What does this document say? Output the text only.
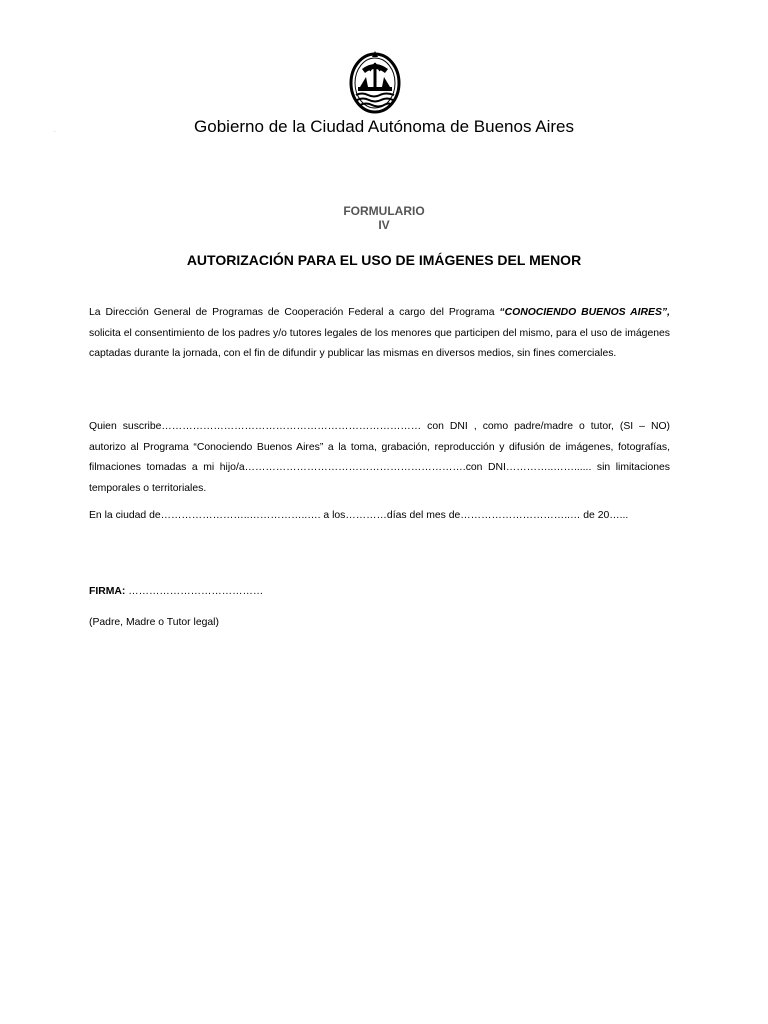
.	Gobierno de la Ciudad Autónoma de Buenos Aires
FORMULARIO
IV
AUTORIZACIÓN PARA EL USO DE IMÁGENES DEL MENOR
La Dirección General de Programas de Cooperación Federal a cargo del Programa “CONOCIENDO BUENOS AIRES”, solicita el consentimiento de los padres y/o tutores legales de los menores que participen del mismo, para el uso de imágenes captadas durante la jornada, con el fin de difundir y publicar las mismas en diversos medios, sin fines comerciales.
Quien suscribe………………………………………………………………… con DNI , como padre/madre o tutor, (SI – NO) autorizo al Programa “Conociendo Buenos Aires” a la toma, grabación, reproducción y difusión de imágenes, fotografías, filmaciones tomadas a mi hijo/a……………………………………………………….con DNI…………..……...... sin limitaciones temporales o territoriales.
En la ciudad de……………………..……………..…. a los…………días del mes de…………………………..… de 20…...
FIRMA: …………………………………
(Padre, Madre o Tutor legal)
